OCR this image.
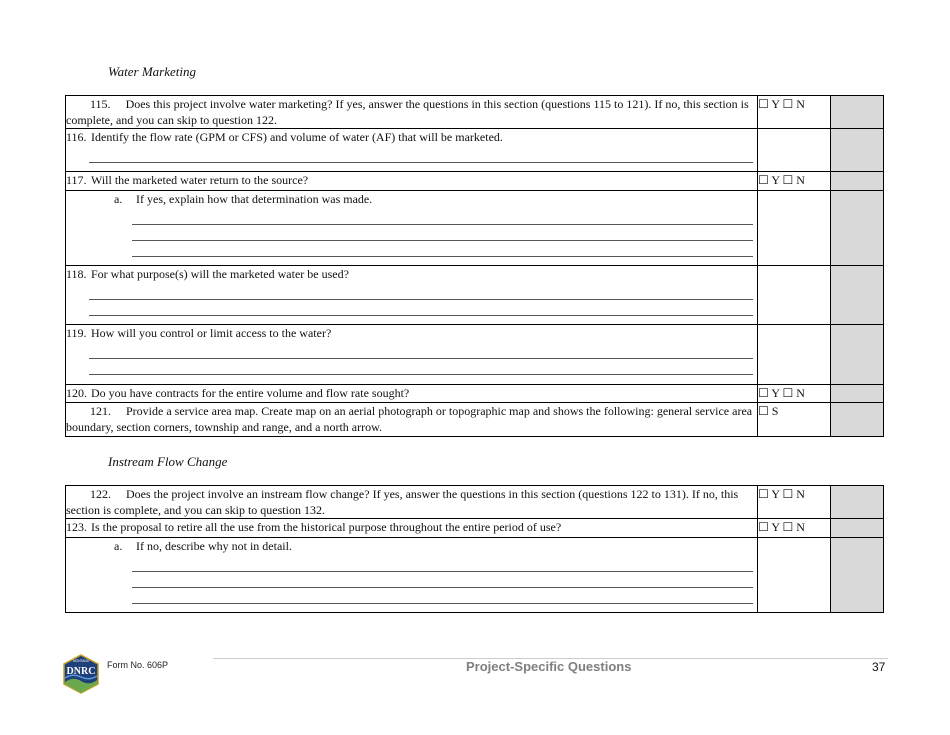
Water Marketing
115. Does this project involve water marketing? If yes, answer the questions in this section (questions 115 to 121). If no, this section is complete, and you can skip to question 122.	☐ Y ☐ N	

116. Identify the flow rate (GPM or CFS) and volume of water (AF) that will be marketed.		

117. Will the marketed water return to the source?	☐ Y ☐ N	

a. If yes, explain how that determination was made.		

118. For what purpose(s) will the marketed water be used?		

119. How will you control or limit access to the water?		

120. Do you have contracts for the entire volume and flow rate sought?	☐ Y ☐ N	

121. Provide a service area map. Create map on an aerial photograph or topographic map and shows the following: general service area boundary, section corners, township and range, and a north arrow.	☐ S	
Instream Flow Change
122. Does the project involve an instream flow change? If yes, answer the questions in this section (questions 122 to 131). If no, this section is complete, and you can skip to question 132.	☐ Y ☐ N	

123. Is the proposal to retire all the use from the historical purpose throughout the entire period of use?	☐ Y ☐ N	

a. If no, describe why not in detail.		

MONTANA
DNRC
Form No. 606P	Project-Specific Questions	37
